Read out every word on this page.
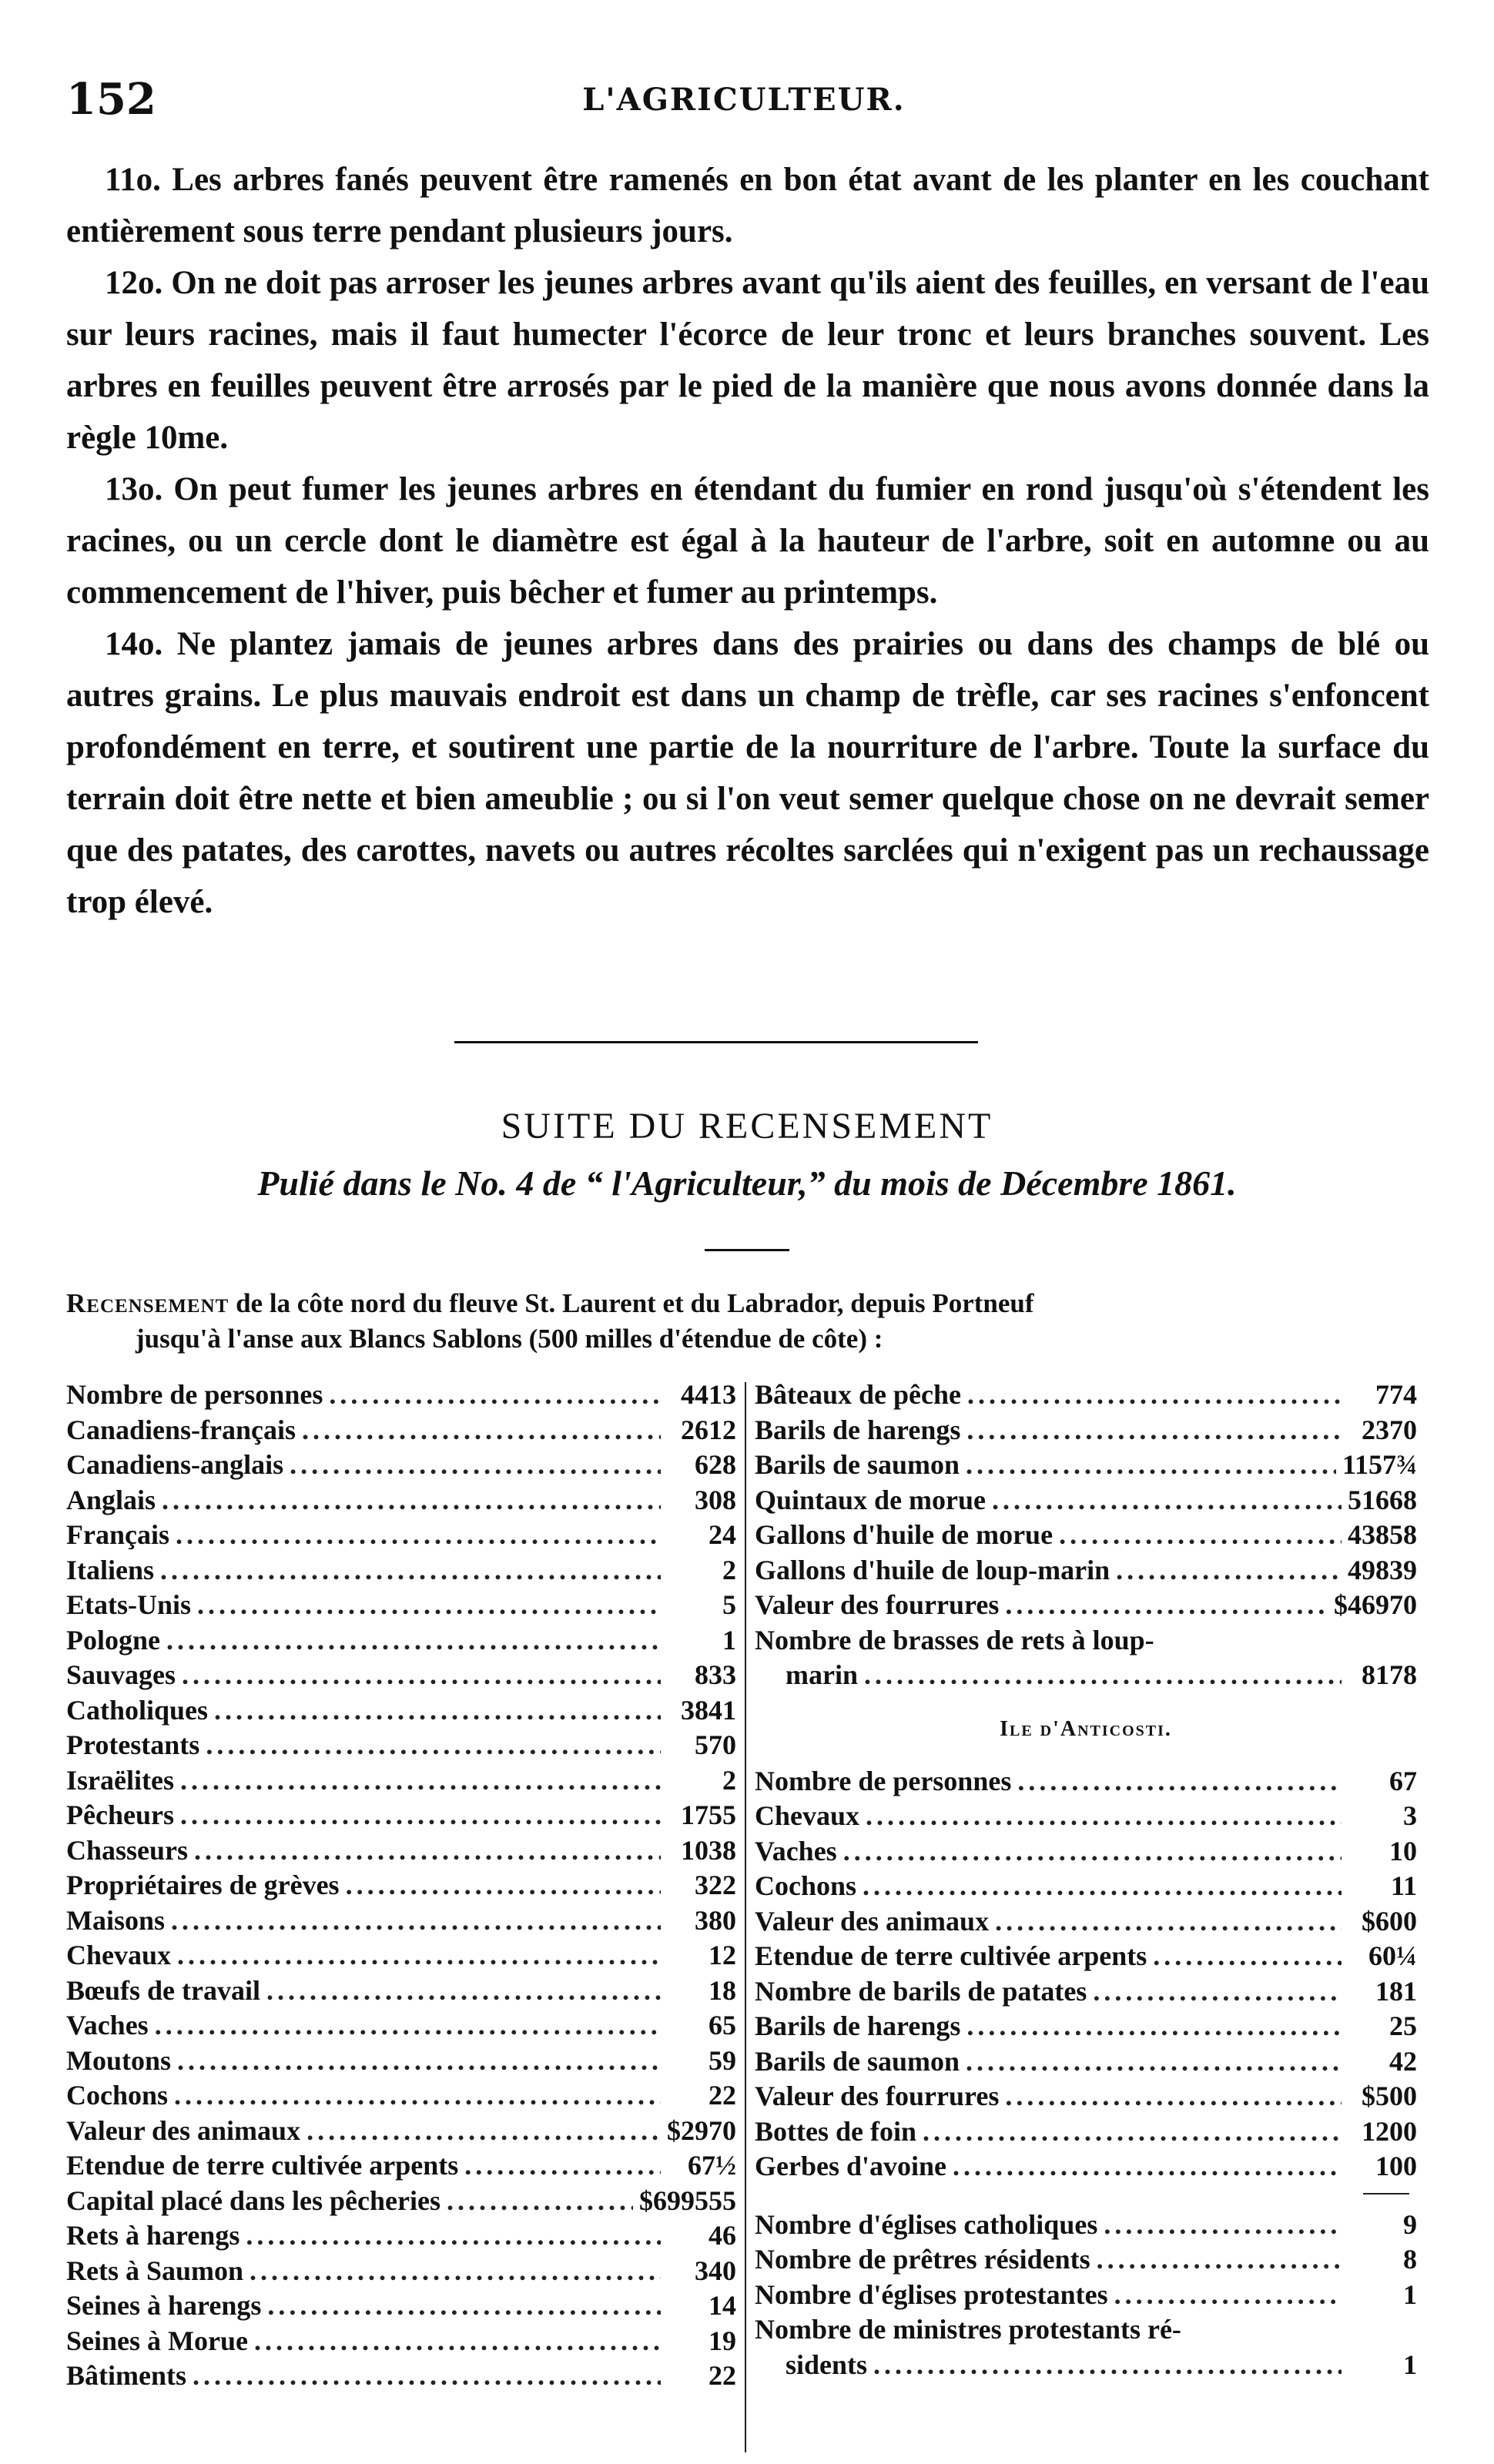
152	L'AGRICULTEUR.

11o. Les arbres fanés peuvent être ramenés en bon état avant de les planter en les couchant entièrement sous terre pendant plusieurs jours.

12o. On ne doit pas arroser les jeunes arbres avant qu'ils aient des feuilles, en versant de l'eau sur leurs racines, mais il faut humecter l'écorce de leur tronc et leurs branches souvent. Les arbres en feuilles peuvent être arrosés par le pied de la manière que nous avons donnée dans la règle 10me.

13o. On peut fumer les jeunes arbres en étendant du fumier en rond jusqu'où s'étendent les racines, ou un cercle dont le diamètre est égal à la hauteur de l'arbre, soit en automne ou au commencement de l'hiver, puis bêcher et fumer au printemps.

14o. Ne plantez jamais de jeunes arbres dans des prairies ou dans des champs de blé ou autres grains. Le plus mauvais endroit est dans un champ de trèfle, car ses racines s'enfoncent profondément en terre, et soutirent une partie de la nourriture de l'arbre. Toute la surface du terrain doit être nette et bien ameublie ; ou si l'on veut semer quelque chose on ne devrait semer que des patates, des carottes, navets ou autres récoltes sarclées qui n'exigent pas un rechaussage trop élevé.

SUITE DU RECENSEMENT
Pulié dans le No. 4 de “ l'Agriculteur,” du mois de Décembre 1861.
Recensement de la côte nord du fleuve St. Laurent et du Labrador, depuis Portneuf
jusqu'à l'anse aux Blancs Sablons (500 milles d'étendue de côte) :
Nombre de personnes .....	4413
Canadiens-français .....	2612
Canadiens-anglais .....	628
Anglais .....	308
Français .....	24
Italiens .....	2
Etats-Unis .....	5
Pologne .....	1
Sauvages .....	833
Catholiques .....	3841
Protestants .....	570
Israëlites .....	2
Pêcheurs .....	1755
Chasseurs .....	1038
Propriétaires de grèves .....	322
Maisons .....	380
Chevaux .....	12
Bœufs de travail .....	18
Vaches .....	65
Moutons .....	59
Cochons .....	22
Valeur des animaux .....	$2970
Etendue de terre cultivée arpents .....	67½
Capital placé dans les pêcheries .....	$699555
Rets à harengs .....	46
Rets à Saumon .....	340
Seines à harengs .....	14
Seines à Morue .....	19
Bâtiments .....	22
Bâteaux de pêche .....	774
Barils de harengs .....	2370
Barils de saumon .....	1157¾
Quintaux de morue .....	51668
Gallons d'huile de morue .....	43858
Gallons d'huile de loup-marin .....	49839
Valeur des fourrures .....	$46970
Nombre de brasses de rets à loup-
marin .....	8178
Ile d'Anticosti.
Nombre de personnes .....	67
Chevaux .....	3
Vaches .....	10
Cochons .....	11
Valeur des animaux .....	$600
Etendue de terre cultivée arpents .....	60¼
Nombre de barils de patates .....	181
Barils de harengs .....	25
Barils de saumon .....	42
Valeur des fourrures .....	$500
Bottes de foin .....	1200
Gerbes d'avoine .....	100
Nombre d'églises catholiques .....	9
Nombre de prêtres résidents .....	8
Nombre d'églises protestantes .....	1
Nombre de ministres protestants ré-
sidents .....	1
